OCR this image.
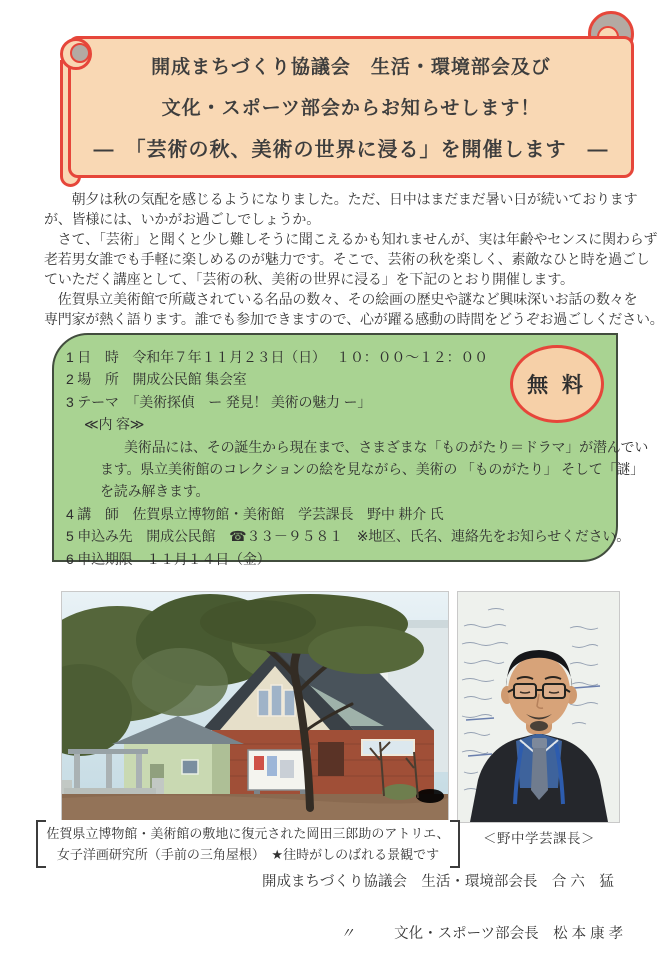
開成まちづくり協議会　生活・環境部会及び
文化・スポーツ部会からお知らせします！
―　「芸術の秋、美術の世界に浸る」を開催します　―
　　朝夕は秋の気配を感じるようになりました。ただ、日中はまだまだ暑い日が続いております
が、皆様には、いかがお過ごしでしょうか。
　さて、「芸術」と聞くと少し難しそうに聞こえるかも知れませんが、実は年齢やセンスに関わらず
老若男女誰でも手軽に楽しめるのが魅力です。そこで、芸術の秋を楽しく、素敵なひと時を過ごし
ていただく講座として、「芸術の秋、美術の世界に浸る」を下記のとおり開催します。
　佐賀県立美術館で所蔵されている名品の数々、その絵画の歴史や謎など興味深いお話の数々を
専門家が熱く語ります。誰でも参加できますので、心が躍る感動の時間をどうぞお過ごしください。
1 日　時　令和年７年１１月２３日（日）　 １０：００～１２：００
2 場　所　開成公民館 集会室
3 テーマ　「美術探偵　ー 発見！ 美術の魅力 ー」
≪内 容≫
美術品には、その誕生から現在まで、さまざまな「ものがたり＝ドラマ」が潜んでい
ます。県立美術館のコレクションの絵を見ながら、美術の 「ものがたり」 そして「謎」
を読み解きます。
4 講　師　佐賀県立博物館・美術館　学芸課長　野中 耕介 氏
5 申込み先　開成公民館　☎３３－９５８１　※地区、氏名、連絡先をお知らせください。
6 申込期限　１１月１４日（金）
無 料
＜野中学芸課長＞
佐賀県立博物館・美術館の敷地に復元された岡田三郎助のアトリエ、
女子洋画研究所（手前の三角屋根）　★往時がしのばれる景観です
開成まちづくり協議会　生活・環境部会長　合 六　猛

〃	文化・スポーツ部会長　松 本 康 孝
